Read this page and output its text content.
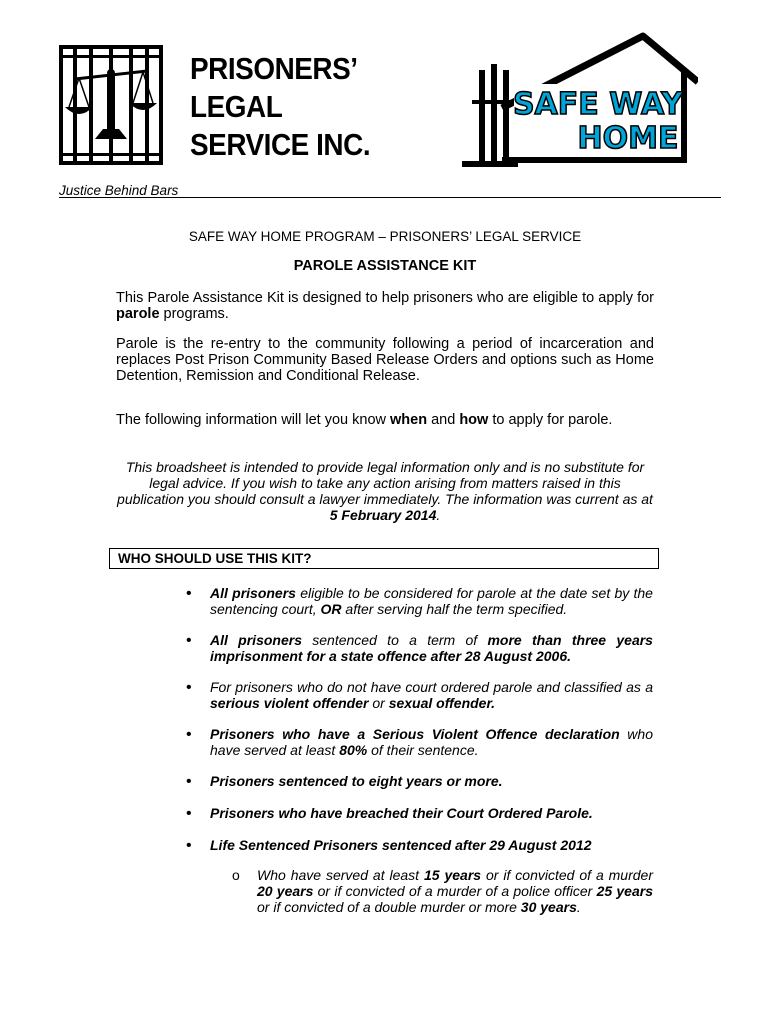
PRISONERS’
LEGAL
SERVICE INC.
SAFE WAY
HOME
Justice Behind Bars
SAFE WAY HOME PROGRAM – PRISONERS’ LEGAL SERVICE
PAROLE ASSISTANCE KIT
This Parole Assistance Kit is designed to help prisoners who are eligible to apply for parole programs.
Parole is the re-entry to the community following a period of incarceration and replaces Post Prison Community Based Release Orders and options such as Home Detention, Remission and Conditional Release.
The following information will let you know when and how to apply for parole.
This broadsheet is intended to provide legal information only and is no substitute for legal advice. If you wish to take any action arising from matters raised in this publication you should consult a lawyer immediately. The information was current as at 5 February 2014.
WHO SHOULD USE THIS KIT?
• All prisoners eligible to be considered for parole at the date set by the sentencing court, OR after serving half the term specified.
• All prisoners sentenced to a term of more than three years imprisonment for a state offence after 28 August 2006.
• For prisoners who do not have court ordered parole and classified as a serious violent offender or sexual offender.
• Prisoners who have a Serious Violent Offence declaration who have served at least 80% of their sentence.
• Prisoners sentenced to eight years or more.
• Prisoners who have breached their Court Ordered Parole.
• Life Sentenced Prisoners sentenced after 29 August 2012
o Who have served at least 15 years or if convicted of a murder 20 years or if convicted of a murder of a police officer 25 years or if convicted of a double murder or more 30 years.
